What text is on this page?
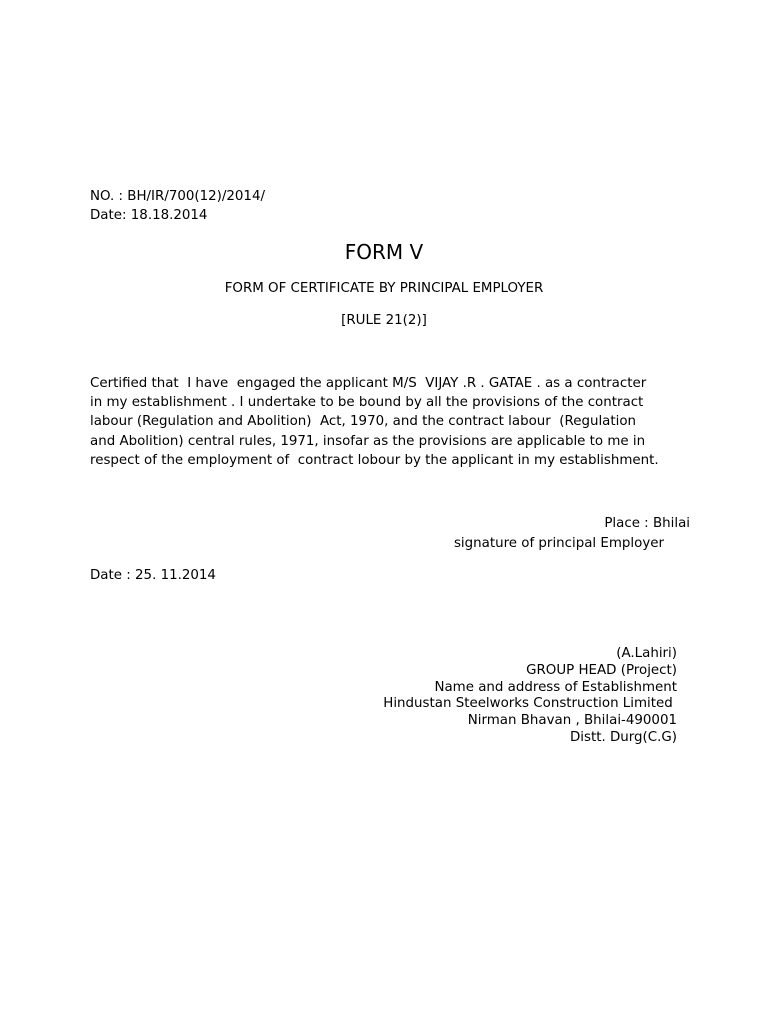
NO. : BH/IR/700(12)/2014/
Date: 18.18.2014
FORM V
FORM OF CERTIFICATE BY PRINCIPAL EMPLOYER
[RULE 21(2)]
Certified that  I have  engaged the applicant M/S  VIJAY .R . GATAE . as a contracter
in my establishment . I undertake to be bound by all the provisions of the contract
labour (Regulation and Abolition)  Act, 1970, and the contract labour  (Regulation
and Abolition) central rules, 1971, insofar as the provisions are applicable to me in
respect of the employment of  contract lobour by the applicant in my establishment.
Place : Bhilai
signature of principal Employer
Date : 25. 11.2014
(A.Lahiri)
GROUP HEAD (Project)
Name and address of Establishment
Hindustan Steelworks Construction Limited
Nirman Bhavan , Bhilai-490001
Distt. Durg(C.G)
